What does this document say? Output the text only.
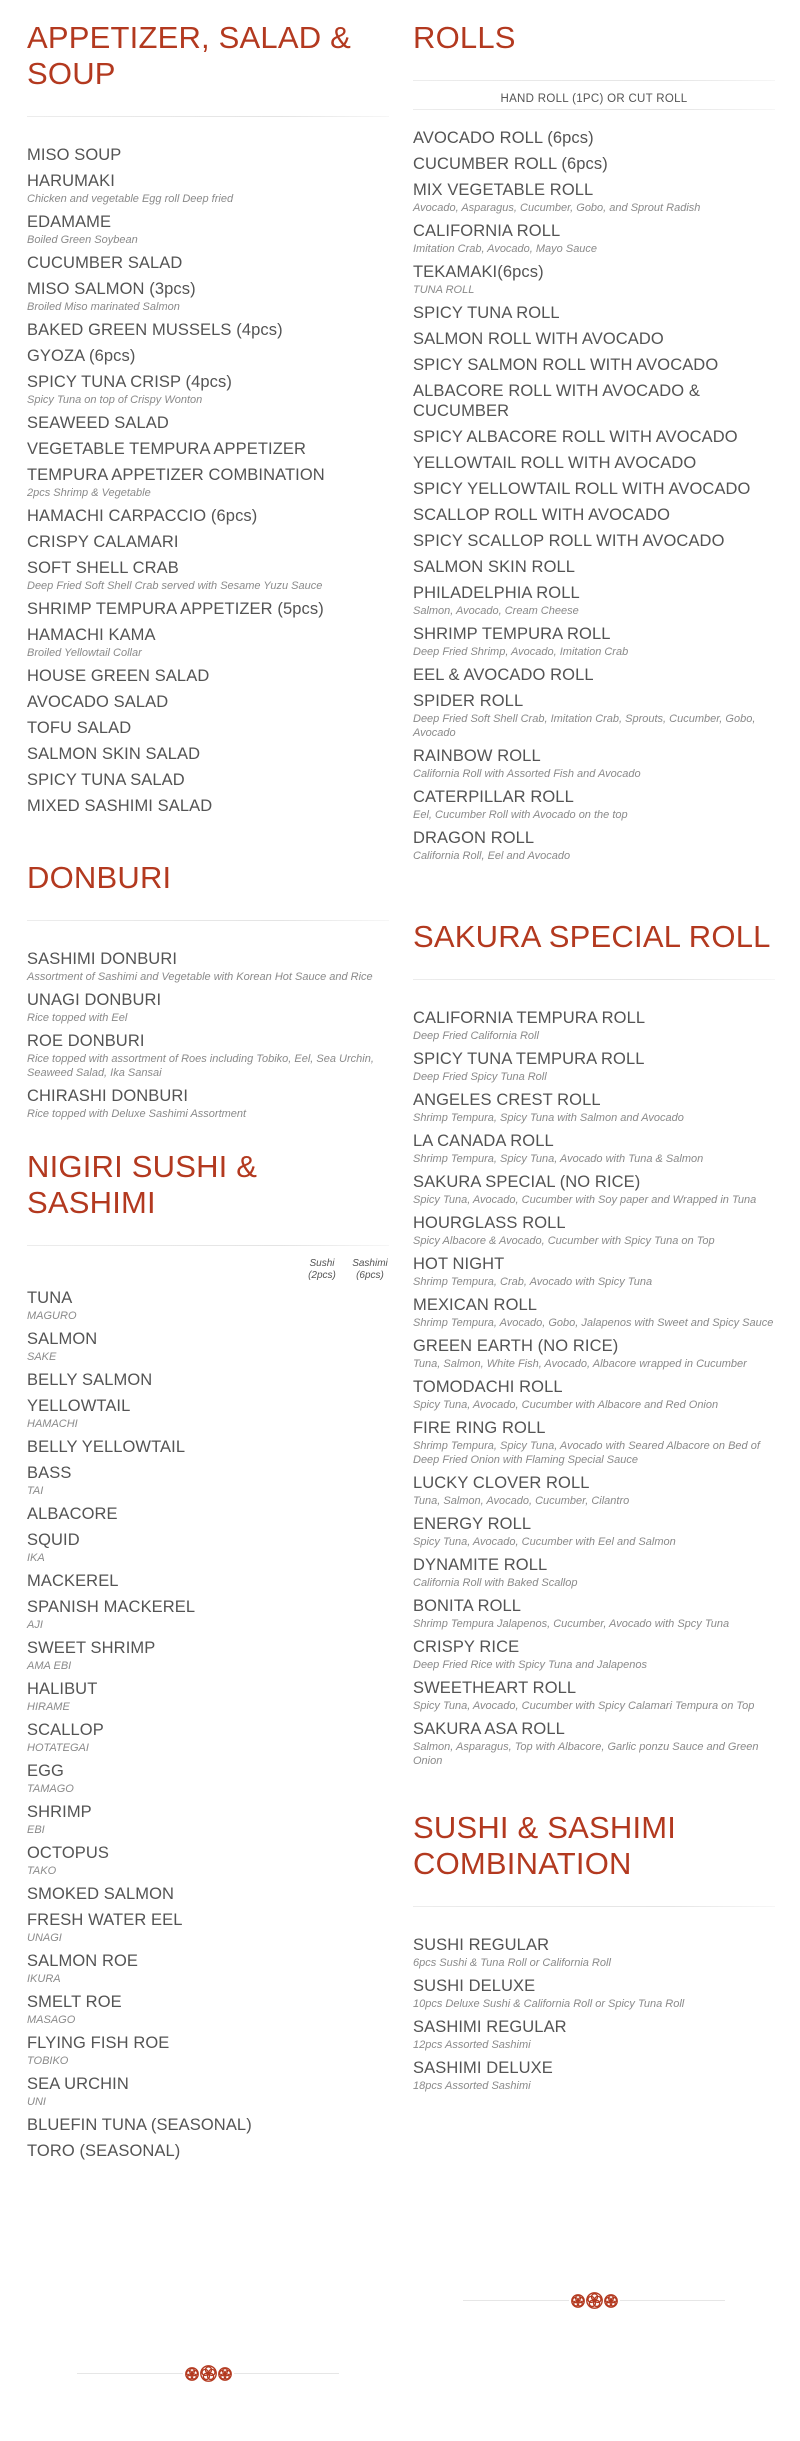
APPETIZER, SALAD & SOUP
MISO SOUP
HARUMAKI
Chicken and vegetable Egg roll Deep fried
EDAMAME
Boiled Green Soybean
CUCUMBER SALAD
MISO SALMON (3pcs)
Broiled Miso marinated Salmon
BAKED GREEN MUSSELS (4pcs)
GYOZA (6pcs)
SPICY TUNA CRISP (4pcs)
Spicy Tuna on top of Crispy Wonton
SEAWEED SALAD
VEGETABLE TEMPURA APPETIZER
TEMPURA APPETIZER COMBINATION
2pcs Shrimp & Vegetable
HAMACHI CARPACCIO (6pcs)
CRISPY CALAMARI
SOFT SHELL CRAB
Deep Fried Soft Shell Crab served with Sesame Yuzu Sauce
SHRIMP TEMPURA APPETIZER (5pcs)
HAMACHI KAMA
Broiled Yellowtail Collar
HOUSE GREEN SALAD
AVOCADO SALAD
TOFU SALAD
SALMON SKIN SALAD
SPICY TUNA SALAD
MIXED SASHIMI SALAD
DONBURI
SASHIMI DONBURI
Assortment of Sashimi and Vegetable with Korean Hot Sauce and Rice
UNAGI DONBURI
Rice topped with Eel
ROE DONBURI
Rice topped with assortment of Roes including Tobiko, Eel, Sea Urchin, Seaweed Salad, Ika Sansai
CHIRASHI DONBURI
Rice topped with Deluxe Sashimi Assortment
NIGIRI SUSHI & SASHIMI
Sushi (2pcs)
Sashimi (6pcs)
TUNA
MAGURO
SALMON
SAKE
BELLY SALMON
YELLOWTAIL
HAMACHI
BELLY YELLOWTAIL
BASS
TAI
ALBACORE
SQUID
IKA
MACKEREL
SPANISH MACKEREL
AJI
SWEET SHRIMP
AMA EBI
HALIBUT
HIRAME
SCALLOP
HOTATEGAI
EGG
TAMAGO
SHRIMP
EBI
OCTOPUS
TAKO
SMOKED SALMON
FRESH WATER EEL
UNAGI
SALMON ROE
IKURA
SMELT ROE
MASAGO
FLYING FISH ROE
TOBIKO
SEA URCHIN
UNI
BLUEFIN TUNA (SEASONAL)
TORO (SEASONAL)
ROLLS
HAND ROLL (1PC) OR CUT ROLL
AVOCADO ROLL (6pcs)
CUCUMBER ROLL (6pcs)
MIX VEGETABLE ROLL
Avocado, Asparagus, Cucumber, Gobo, and Sprout Radish
CALIFORNIA ROLL
Imitation Crab, Avocado, Mayo Sauce
TEKAMAKI(6pcs)
TUNA ROLL
SPICY TUNA ROLL
SALMON ROLL WITH AVOCADO
SPICY SALMON ROLL WITH AVOCADO
ALBACORE ROLL WITH AVOCADO & CUCUMBER
SPICY ALBACORE ROLL WITH AVOCADO
YELLOWTAIL ROLL WITH AVOCADO
SPICY YELLOWTAIL ROLL WITH AVOCADO
SCALLOP ROLL WITH AVOCADO
SPICY SCALLOP ROLL WITH AVOCADO
SALMON SKIN ROLL
PHILADELPHIA ROLL
Salmon, Avocado, Cream Cheese
SHRIMP TEMPURA ROLL
Deep Fried Shrimp, Avocado, Imitation Crab
EEL & AVOCADO ROLL
SPIDER ROLL
Deep Fried Soft Shell Crab, Imitation Crab, Sprouts, Cucumber, Gobo, Avocado
RAINBOW ROLL
California Roll with Assorted Fish and Avocado
CATERPILLAR ROLL
Eel, Cucumber Roll with Avocado on the top
DRAGON ROLL
California Roll, Eel and Avocado
SAKURA SPECIAL ROLL
CALIFORNIA TEMPURA ROLL
Deep Fried California Roll
SPICY TUNA TEMPURA ROLL
Deep Fried Spicy Tuna Roll
ANGELES CREST ROLL
Shrimp Tempura, Spicy Tuna with Salmon and Avocado
LA CANADA ROLL
Shrimp Tempura, Spicy Tuna, Avocado with Tuna & Salmon
SAKURA SPECIAL (NO RICE)
Spicy Tuna, Avocado, Cucumber with Soy paper and Wrapped in Tuna
HOURGLASS ROLL
Spicy Albacore & Avocado, Cucumber with Spicy Tuna on Top
HOT NIGHT
Shrimp Tempura, Crab, Avocado with Spicy Tuna
MEXICAN ROLL
Shrimp Tempura, Avocado, Gobo, Jalapenos with Sweet and Spicy Sauce
GREEN EARTH (NO RICE)
Tuna, Salmon, White Fish, Avocado, Albacore wrapped in Cucumber
TOMODACHI ROLL
Spicy Tuna, Avocado, Cucumber with Albacore and Red Onion
FIRE RING ROLL
Shrimp Tempura, Spicy Tuna, Avocado with Seared Albacore on Bed of Deep Fried Onion with Flaming Special Sauce
LUCKY CLOVER ROLL
Tuna, Salmon, Avocado, Cucumber, Cilantro
ENERGY ROLL
Spicy Tuna, Avocado, Cucumber with Eel and Salmon
DYNAMITE ROLL
California Roll with Baked Scallop
BONITA ROLL
Shrimp Tempura Jalapenos, Cucumber, Avocado with Spcy Tuna
CRISPY RICE
Deep Fried Rice with Spicy Tuna and Jalapenos
SWEETHEART ROLL
Spicy Tuna, Avocado, Cucumber with Spicy Calamari Tempura on Top
SAKURA ASA ROLL
Salmon, Asparagus, Top with Albacore, Garlic ponzu Sauce and Green Onion
SUSHI & SASHIMI COMBINATION
SUSHI REGULAR
6pcs Sushi & Tuna Roll or California Roll
SUSHI DELUXE
10pcs Deluxe Sushi & California Roll or Spicy Tuna Roll
SASHIMI REGULAR
12pcs Assorted Sashimi
SASHIMI DELUXE
18pcs Assorted Sashimi
